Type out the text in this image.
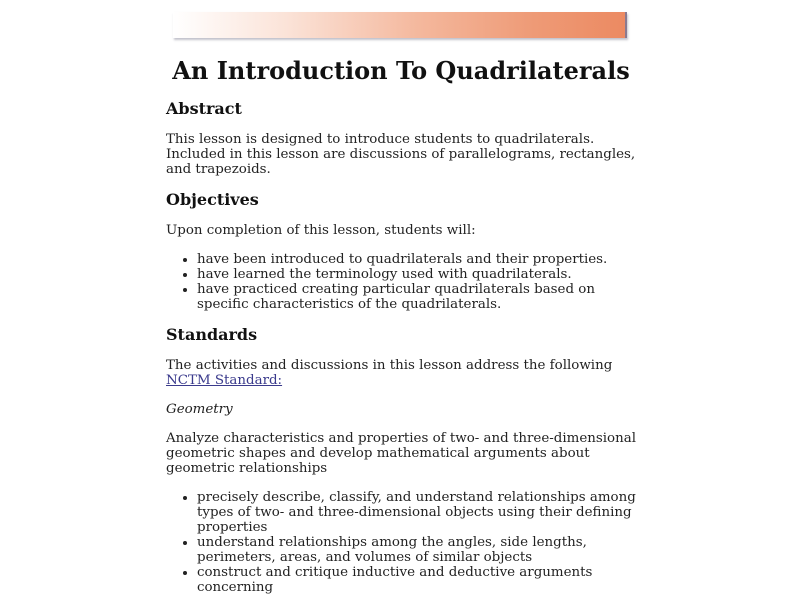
An Introduction To Quadrilaterals
Abstract

This lesson is designed to introduce students to quadrilaterals. Included in this lesson are discussions of parallelograms, rectangles, and trapezoids.

Objectives

Upon completion of this lesson, students will:

• have been introduced to quadrilaterals and their properties.
• have learned the terminology used with quadrilaterals.
• have practiced creating particular quadrilaterals based on specific characteristics of the quadrilaterals.
Standards

The activities and discussions in this lesson address the following NCTM Standard:

Geometry

Analyze characteristics and properties of two- and three-dimensional geometric shapes and develop mathematical arguments about geometric relationships

• precisely describe, classify, and understand relationships among types of two- and three-dimensional objects using their defining properties
• understand relationships among the angles, side lengths, perimeters, areas, and volumes of similar objects
• construct and critique inductive and deductive arguments concerning
